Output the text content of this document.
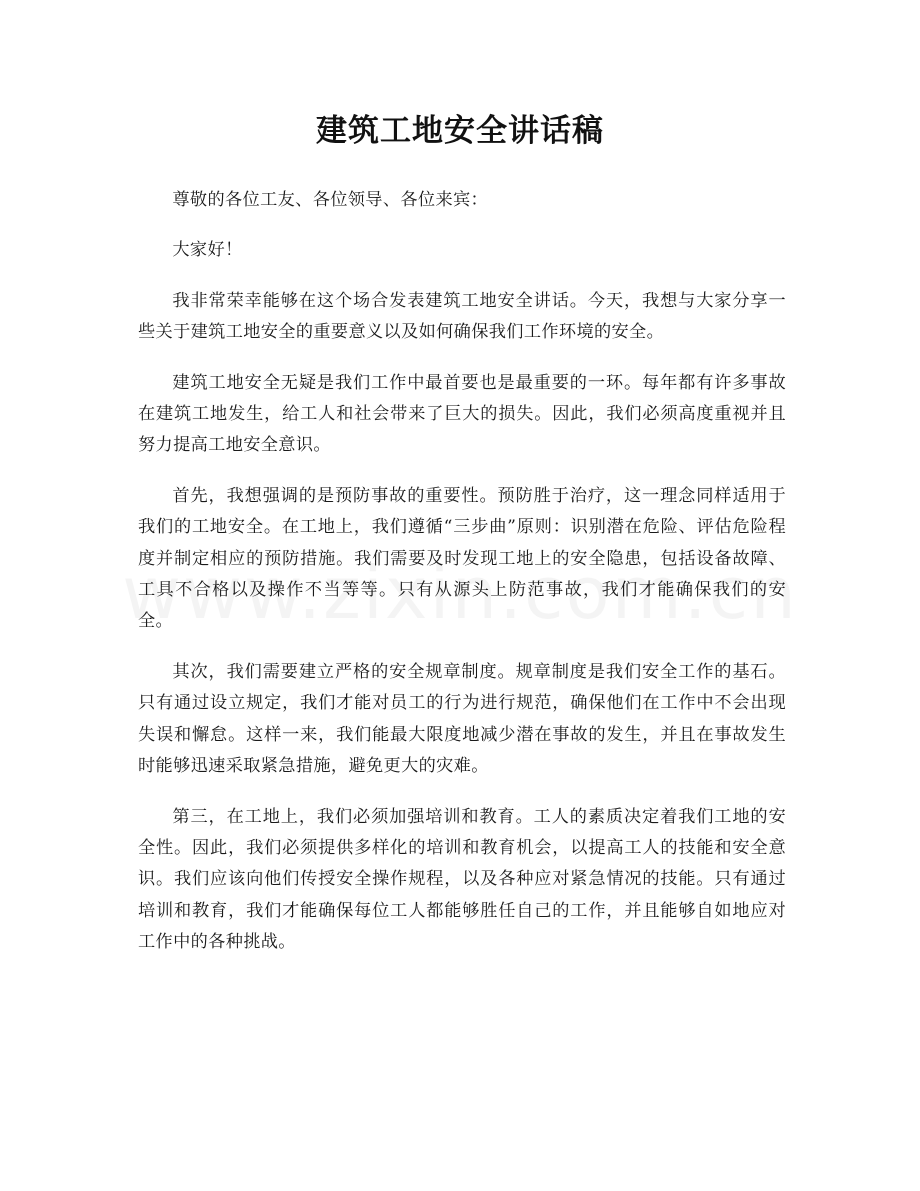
建筑工地安全讲话稿

尊敬的各位工友、各位领导、各位来宾：

大家好！

我非常荣幸能够在这个场合发表建筑工地安全讲话。今天，我想与大家分享一些关于建筑工地安全的重要意义以及如何确保我们工作环境的安全。

建筑工地安全无疑是我们工作中最首要也是最重要的一环。每年都有许多事故在建筑工地发生，给工人和社会带来了巨大的损失。因此，我们必须高度重视并且努力提高工地安全意识。

首先，我想强调的是预防事故的重要性。预防胜于治疗，这一理念同样适用于我们的工地安全。在工地上，我们遵循“三步曲”原则：识别潜在危险、评估危险程度并制定相应的预防措施。我们需要及时发现工地上的安全隐患，包括设备故障、工具不合格以及操作不当等等。只有从源头上防范事故，我们才能确保我们的安全。

其次，我们需要建立严格的安全规章制度。规章制度是我们安全工作的基石。只有通过设立规定，我们才能对员工的行为进行规范，确保他们在工作中不会出现失误和懈怠。这样一来，我们能最大限度地减少潜在事故的发生，并且在事故发生时能够迅速采取紧急措施，避免更大的灾难。

第三，在工地上，我们必须加强培训和教育。工人的素质决定着我们工地的安全性。因此，我们必须提供多样化的培训和教育机会，以提高工人的技能和安全意识。我们应该向他们传授安全操作规程，以及各种应对紧急情况的技能。只有通过培训和教育，我们才能确保每位工人都能够胜任自己的工作，并且能够自如地应对工作中的各种挑战。
